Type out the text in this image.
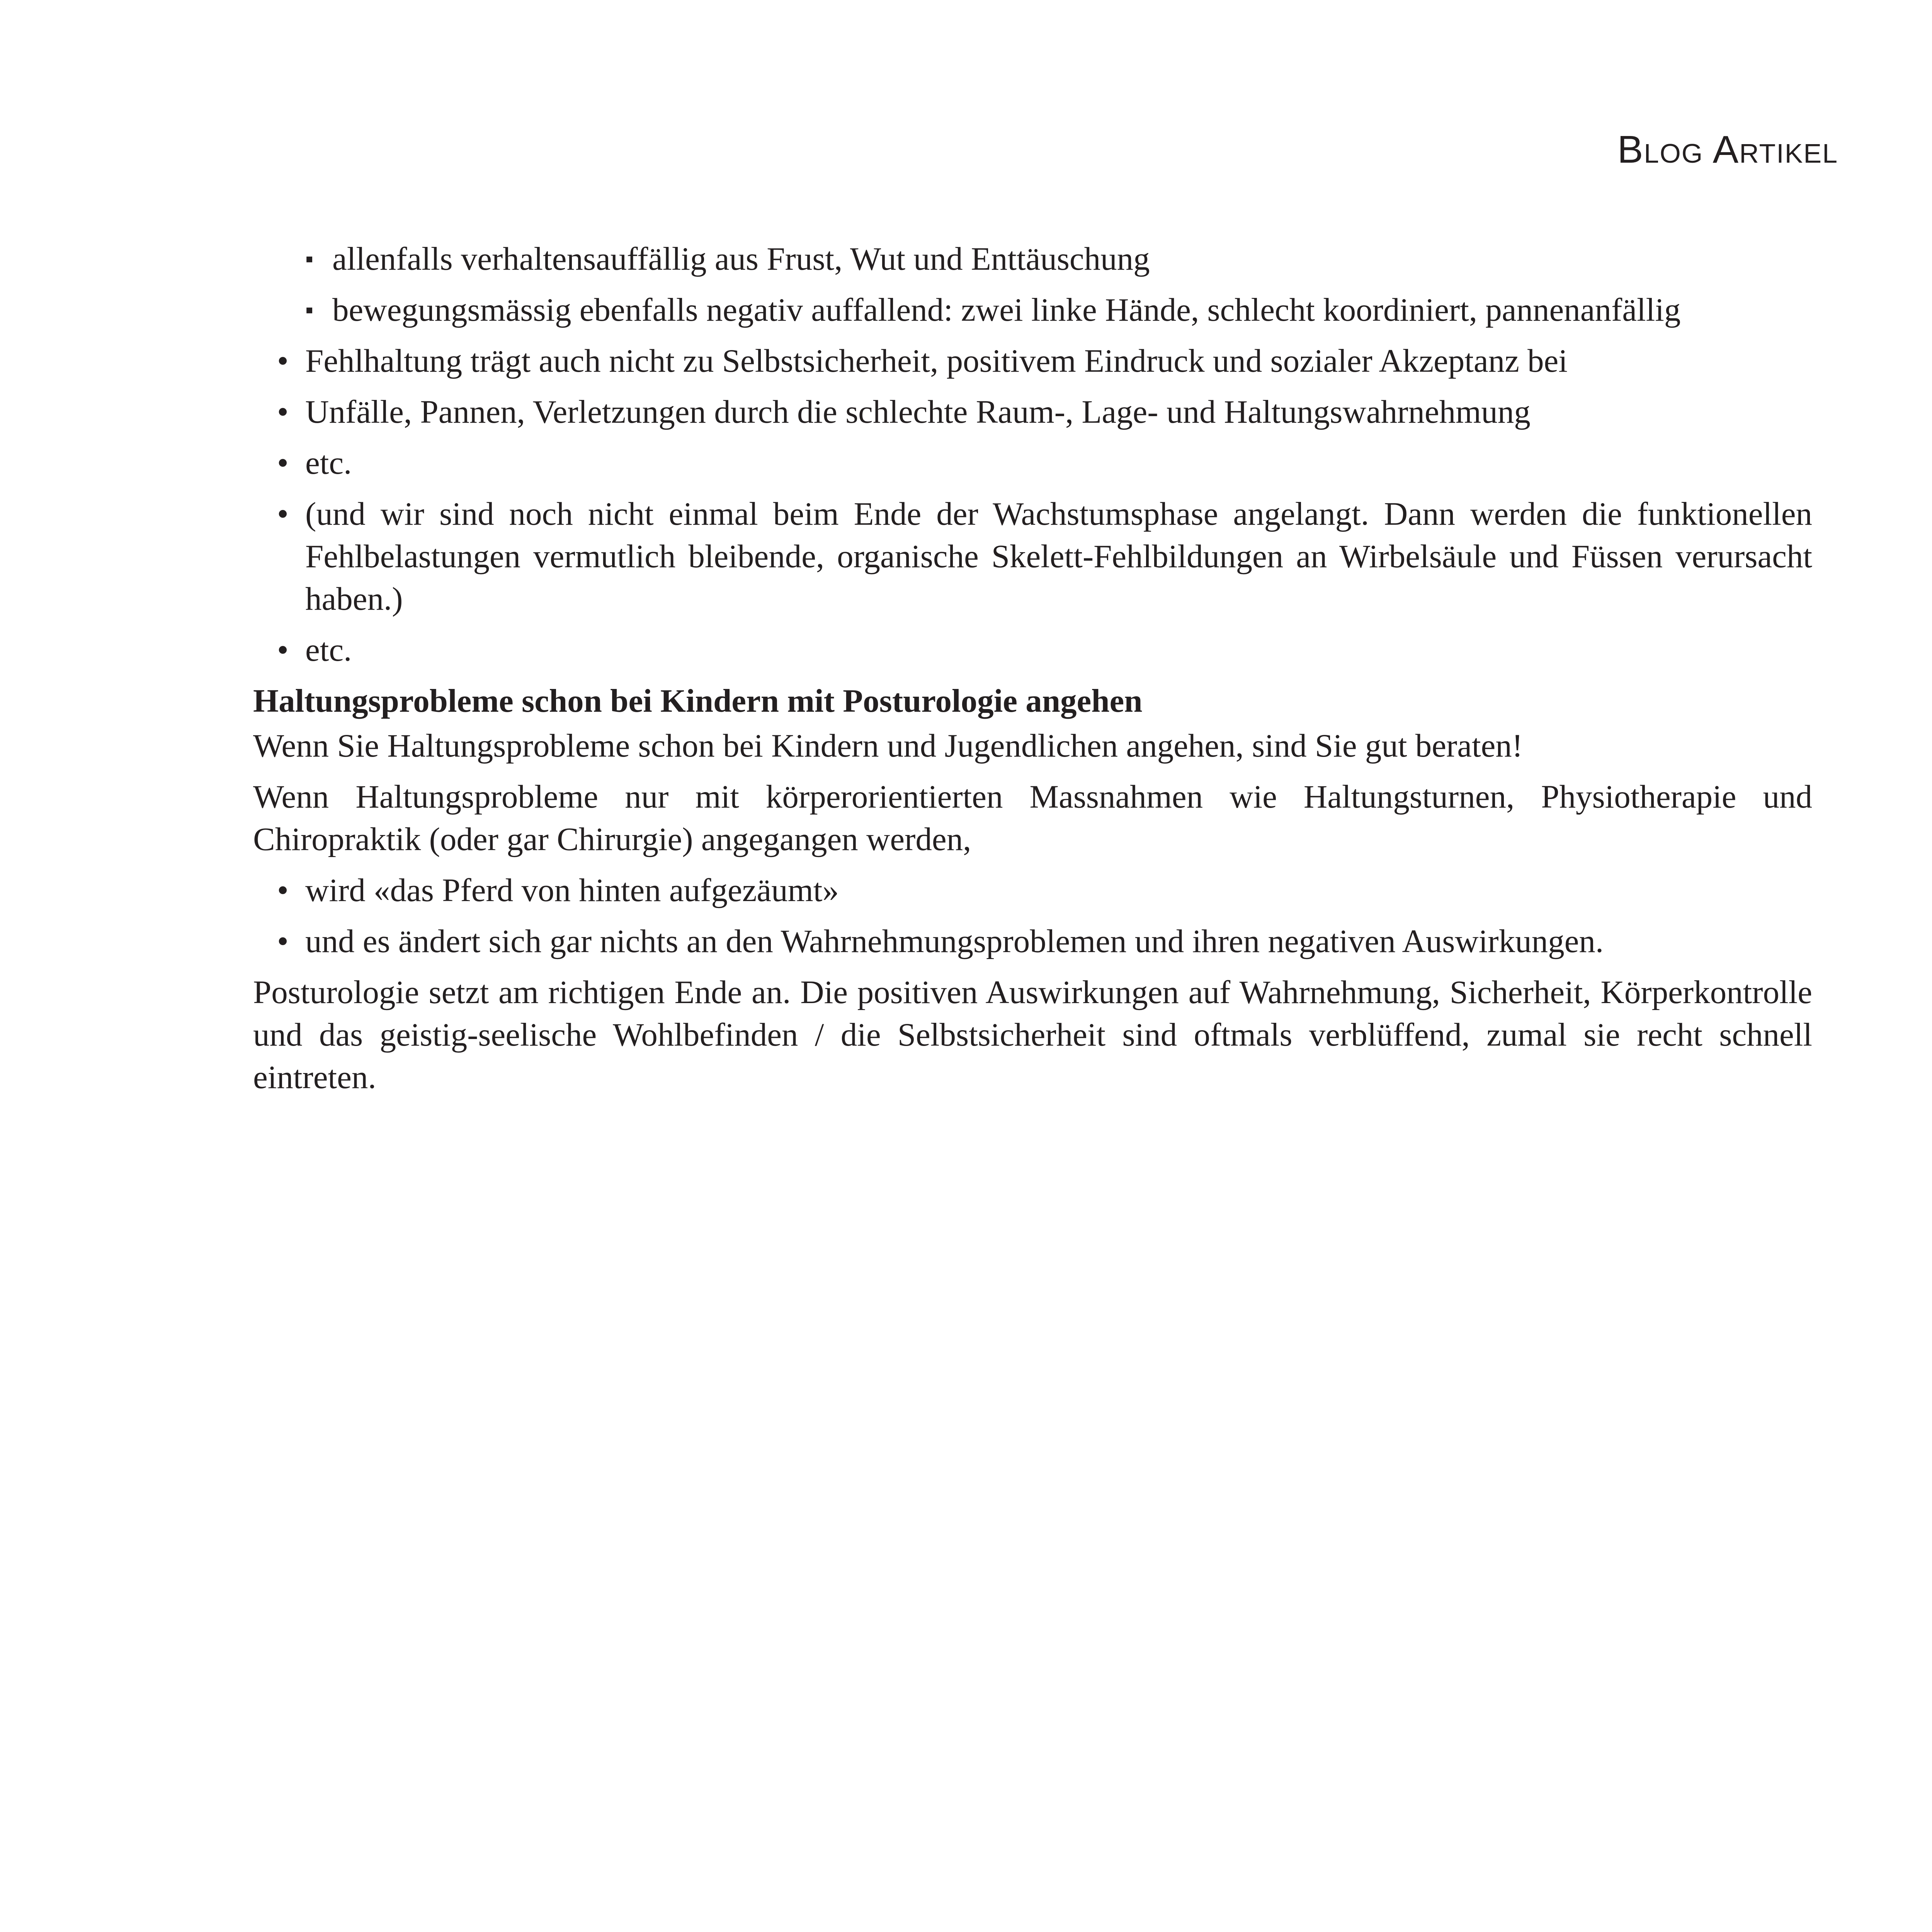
Blog Artikel
▪ allenfalls verhaltensauffällig aus Frust, Wut und Enttäuschung
▪ bewegungsmässig ebenfalls negativ auffallend: zwei linke Hände, schlecht koordiniert, pannenanfällig
• Fehlhaltung trägt auch nicht zu Selbstsicherheit, positivem Eindruck und sozialer Akzeptanz bei
• Unfälle, Pannen, Verletzungen durch die schlechte Raum-, Lage- und Haltungswahrnehmung
• etc.
• (und wir sind noch nicht einmal beim Ende der Wachstumsphase angelangt. Dann werden die funktionellen Fehlbelastungen vermutlich bleibende, organische Skelett-Fehlbildungen an Wirbelsäule und Füssen verursacht haben.)
• etc.
Haltungsprobleme schon bei Kindern mit Posturologie angehen

Wenn Sie Haltungsprobleme schon bei Kindern und Jugendlichen angehen, sind Sie gut beraten!

Wenn Haltungsprobleme nur mit körperorientierten Massnahmen wie Haltungsturnen, Physiotherapie und Chiropraktik (oder gar Chirurgie) angegangen werden,

• wird «das Pferd von hinten aufgezäumt»
• und es ändert sich gar nichts an den Wahrnehmungsproblemen und ihren negativen Auswirkungen.

Posturologie setzt am richtigen Ende an. Die positiven Auswirkungen auf Wahrnehmung, Sicherheit, Körperkontrolle und das geistig-seelische Wohlbefinden / die Selbstsicherheit sind oftmals verblüffend, zumal sie recht schnell eintreten.
